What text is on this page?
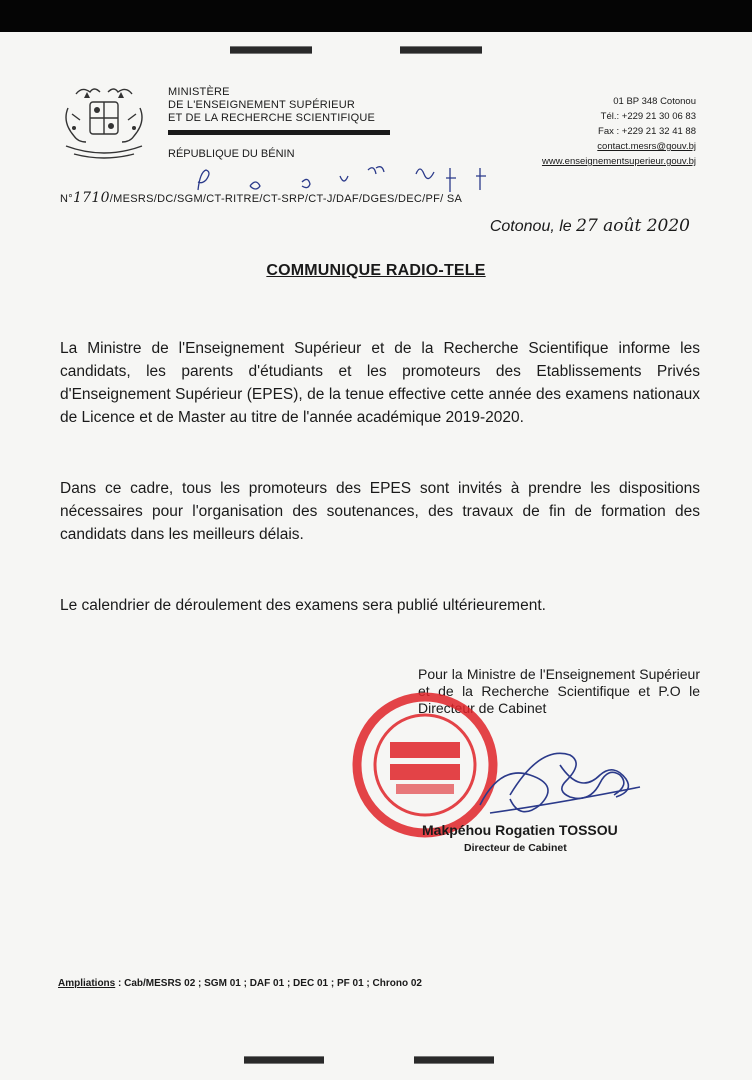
MINISTÈRE
DE L'ENSEIGNEMENT SUPÉRIEUR
ET DE LA RECHERCHE SCIENTIFIQUE
RÉPUBLIQUE DU BÉNIN
01 BP 348 Cotonou
Tél.: +229 21 30 06 83
Fax : +229 21 32 41 88
contact.mesrs@gouv.bj
www.enseignementsuperieur.gouv.bj
N°1710/MESRS/DC/SGM/CT-RITRE/CT-SRP/CT-J/DAF/DGES/DEC/PF/ SA
Cotonou, le 27 août 2020
COMMUNIQUE RADIO-TELE
La Ministre de l'Enseignement Supérieur et de la Recherche Scientifique informe les candidats, les parents d'étudiants et les promoteurs des Etablissements Privés d'Enseignement Supérieur (EPES), de la tenue effective cette année des examens nationaux de Licence et de Master au titre de l'année académique 2019-2020.
Dans ce cadre, tous les promoteurs des EPES sont invités à prendre les dispositions nécessaires pour l'organisation des soutenances, des travaux de fin de formation des candidats dans les meilleurs délais.
Le calendrier de déroulement des examens sera publié ultérieurement.
Pour la Ministre de l'Enseignement Supérieur et de la Recherche Scientifique et P.O le Directeur de Cabinet
Makpéhou Rogatien TOSSOU
Directeur de Cabinet
Ampliations : Cab/MESRS 02 ; SGM 01 ; DAF 01 ; DEC 01 ; PF 01 ; Chrono 02
